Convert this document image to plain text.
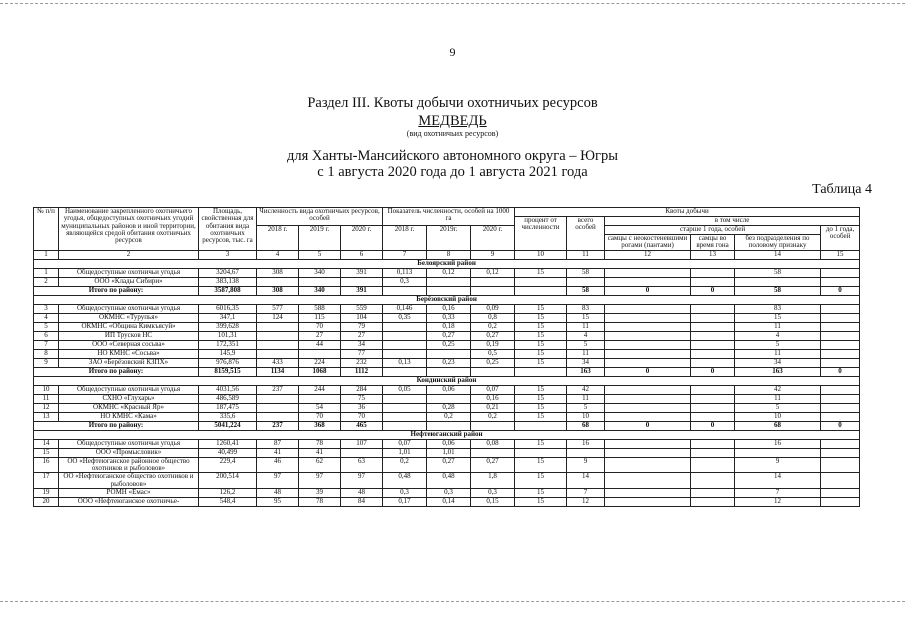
9
Раздел III. Квоты добычи охотничьих ресурсов
МЕДВЕДЬ
(вид охотничьих ресурсов)
для Ханты-Мансийского автономного округа – Югры
с 1 августа 2020 года до 1 августа 2021 года
Таблица 4
№ п/п	Наименование закрепленного охотничьего угодья, общедоступных охотничьих угодий муниципальных районов и иной территории, являющейся средой обитания охотничьих ресурсов	Площадь, свойственная для обитания вида охотничьих ресурсов, тыс. га	Численность вида охотничьих ресурсов, особей			Показатель численности, особей на 1000 га			Квоты добычи					
									процент от численности	всего особей	в том числе			
			2018 г.	2019 г.	2020 г.	2018 г.	2019г.	2020 г.			старше 1 года, особей			до 1 года, особей
											самцы с неокостеневшими рогами (пантами)	самцы во время гона	без подразделения по половому признаку	
1	2	3	4	5	6	7	8	9	10	11	12	13	14	15
Белоярский район														
1	Общедоступные охотничьи угодья	3204,67	308	340	391	0,113	0,12	0,12	15	58			58	
2	ООО «Клады Сибири»	383,138				0,3								
Итого по району:		3587,808	308	340	391					58	0	0	58	0
Берёзовский район														
3	Общедоступные охотничьи угодья	6016,35	577	588	559	0,146	0,16	0,09	15	83			83	
4	ОКМНС «Турупья»	347,1	124	115	104	0,35	0,33	0,8	15	15			15	
5	ОКМНС «Община Кимкъясуй»	399,628		70	79		0,18	0,2	15	11			11	
6	ИП Трусков НС	101,31		27	27		0,27	0,27	15	4			4	
7	ООО «Северная сосьва»	172,351		44	34		0,25	0,19	15	5			5	
8	НО КМНС «Сосьва»	145,9			77			0,5	15	11			11	
9	ЗАО «Берёзовский КЗПХ»	976,876	433	224	232	0,13	0,23	0,25	15	34			34	
Итого по району:		8159,515	1134	1068	1112					163	0	0	163	0
Кондинский район														
10	Общедоступные охотничьи угодья	4031,56	237	244	284	0,05	0,06	0,07	15	42			42	
11	СХНО «Глухарь»	486,589			75			0,16	15	11			11	
12	ОКМНС «Красный Яр»	187,475		54	36		0,28	0,21	15	5			5	
13	НО КМНС «Кама»	335,6		70	70		0,2	0,2	15	10			10	
Итого по району:		5041,224	237	368	465					68	0	0	68	0
Нефтеюганский район														
14	Общедоступные охотничьи угодья	1260,41	87	78	107	0,07	0,06	0,08	15	16			16	
15	ООО «Промысловик»	40,499	41	41		1,01	1,01							
16	ОО «Нефтеюганское районное общество охотников и рыболовов»	229,4	46	62	63	0,2	0,27	0,27	15	9			9	
17	ОО «Нефтеюганское общество охотников и рыболовов»	200,514	97	97	97	0,48	0,48	1,8	15	14			14	
19	РОМН «Емас»	126,2	48	39	48	0,3	0,3	0,3	15	7			7	
20	ООО «Нефтеюганское охотничье-	548,4	95	78	84	0,17	0,14	0,15	15	12			12	
